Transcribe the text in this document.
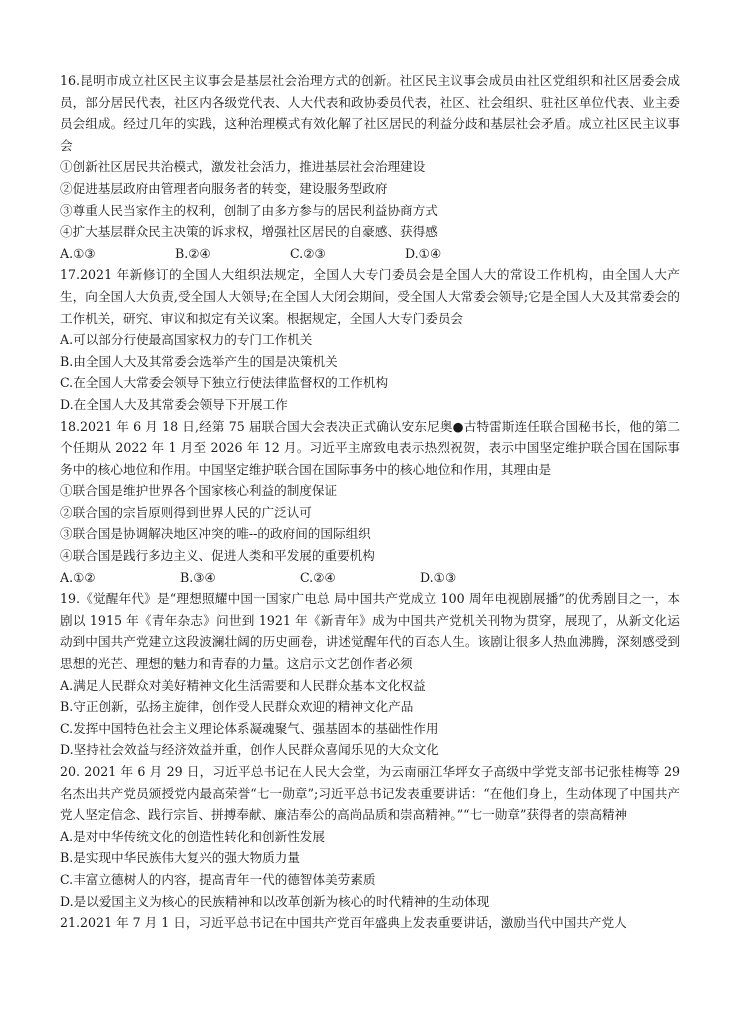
16.昆明市成立社区民主议事会是基层社会治理方式的创新。社区民主议事会成员由社区党组织和社区居委会成员，部分居民代表，社区内各级党代表、人大代表和政协委员代表，社区、社会组织、驻社区单位代表、业主委员会组成。经过几年的实践，这种治理模式有效化解了社区居民的利益分歧和基层社会矛盾。成立社区民主议事会

①创新社区居民共治模式，激发社会活力，推进基层社会治理建设
②促进基层政府由管理者向服务者的转变，建设服务型政府
③尊重人民当家作主的权利，创制了由多方参与的居民利益协商方式
④扩大基层群众民主决策的诉求权，增强社区居民的自豪感、获得感
A.①③	B.②④	C.②③	D.①④

17.2021 年新修订的全国人大组织法规定，全国人大专门委员会是全国人大的常设工作机构，由全国人大产生，向全国人大负责,受全国人大领导;在全国人大闭会期间，受全国人大常委会领导;它是全国人大及其常委会的工作机关，研究、审议和拟定有关议案。根据规定，全国人大专门委员会

A.可以部分行使最高国家权力的专门工作机关
B.由全国人大及其常委会选举产生的国是决策机关
C.在全国人大常委会领导下独立行使法律监督权的工作机构
D.在全国人大及其常委会领导下开展工作

18.2021 年 6 月 18 日,经第 75 届联合国大会表决正式确认安东尼奥●古特雷斯连任联合国秘书长，他的第二个任期从 2022 年 1 月至 2026 年 12 月。习近平主席致电表示热烈祝贺，表示中国坚定维护联合国在国际事务中的核心地位和作用。中国坚定维护联合国在国际事务中的核心地位和作用，其理由是

①联合国是维护世界各个国家核心利益的制度保证
②联合国的宗旨原则得到世界人民的广泛认可
③联合国是协调解决地区冲突的唯--的政府间的国际组织
④联合国是践行多边主义、促进人类和平发展的重要机构
A.①②	B.③④	C.②④	D.①③

19.《觉醒年代》是“理想照耀中国一国家广电总 局中国共产党成立 100 周年电视剧展播”的优秀剧目之一，本剧以 1915 年《青年杂志》问世到 1921 年《新青年》成为中国共产党机关刊物为贯穿，展现了，从新文化运动到中国共产党建立这段波澜壮阔的历史画卷，讲述觉醒年代的百态人生。该剧让很多人热血沸腾，深刻感受到思想的光芒、理想的魅力和青春的力量。这启示文艺创作者必须

A.满足人民群众对美好精神文化生活需要和人民群众基本文化权益
B.守正创新，弘扬主旋律，创作受人民群众欢迎的精神文化产品
C.发挥中国特色社会主义理论体系凝魂聚气、强基固本的基础性作用
D.坚持社会效益与经济效益并重，创作人民群众喜闻乐见的大众文化

20. 2021 年 6 月 29 日，习近平总书记在人民大会堂，为云南丽江华坪女子高级中学党支部书记张桂梅等 29 名杰出共产党员颁授党内最高荣誉“七一勋章”;习近平总书记发表重要讲话：“在他们身上，生动体现了中国共产党人坚定信念、践行宗旨、拼搏奉献、廉洁奉公的高尚品质和崇高精神。”“七一勋章”获得者的崇高精神

A.是对中华传统文化的创造性转化和创新性发展
B.是实现中华民族伟大复兴的强大物质力量
C.丰富立德树人的内容，提高青年一代的德智体美劳素质
D.是以爱国主义为核心的民族精神和以改革创新为核心的时代精神的生动体现

21.2021 年 7 月 1 日，习近平总书记在中国共产党百年盛典上发表重要讲话，激励当代中国共产党人
